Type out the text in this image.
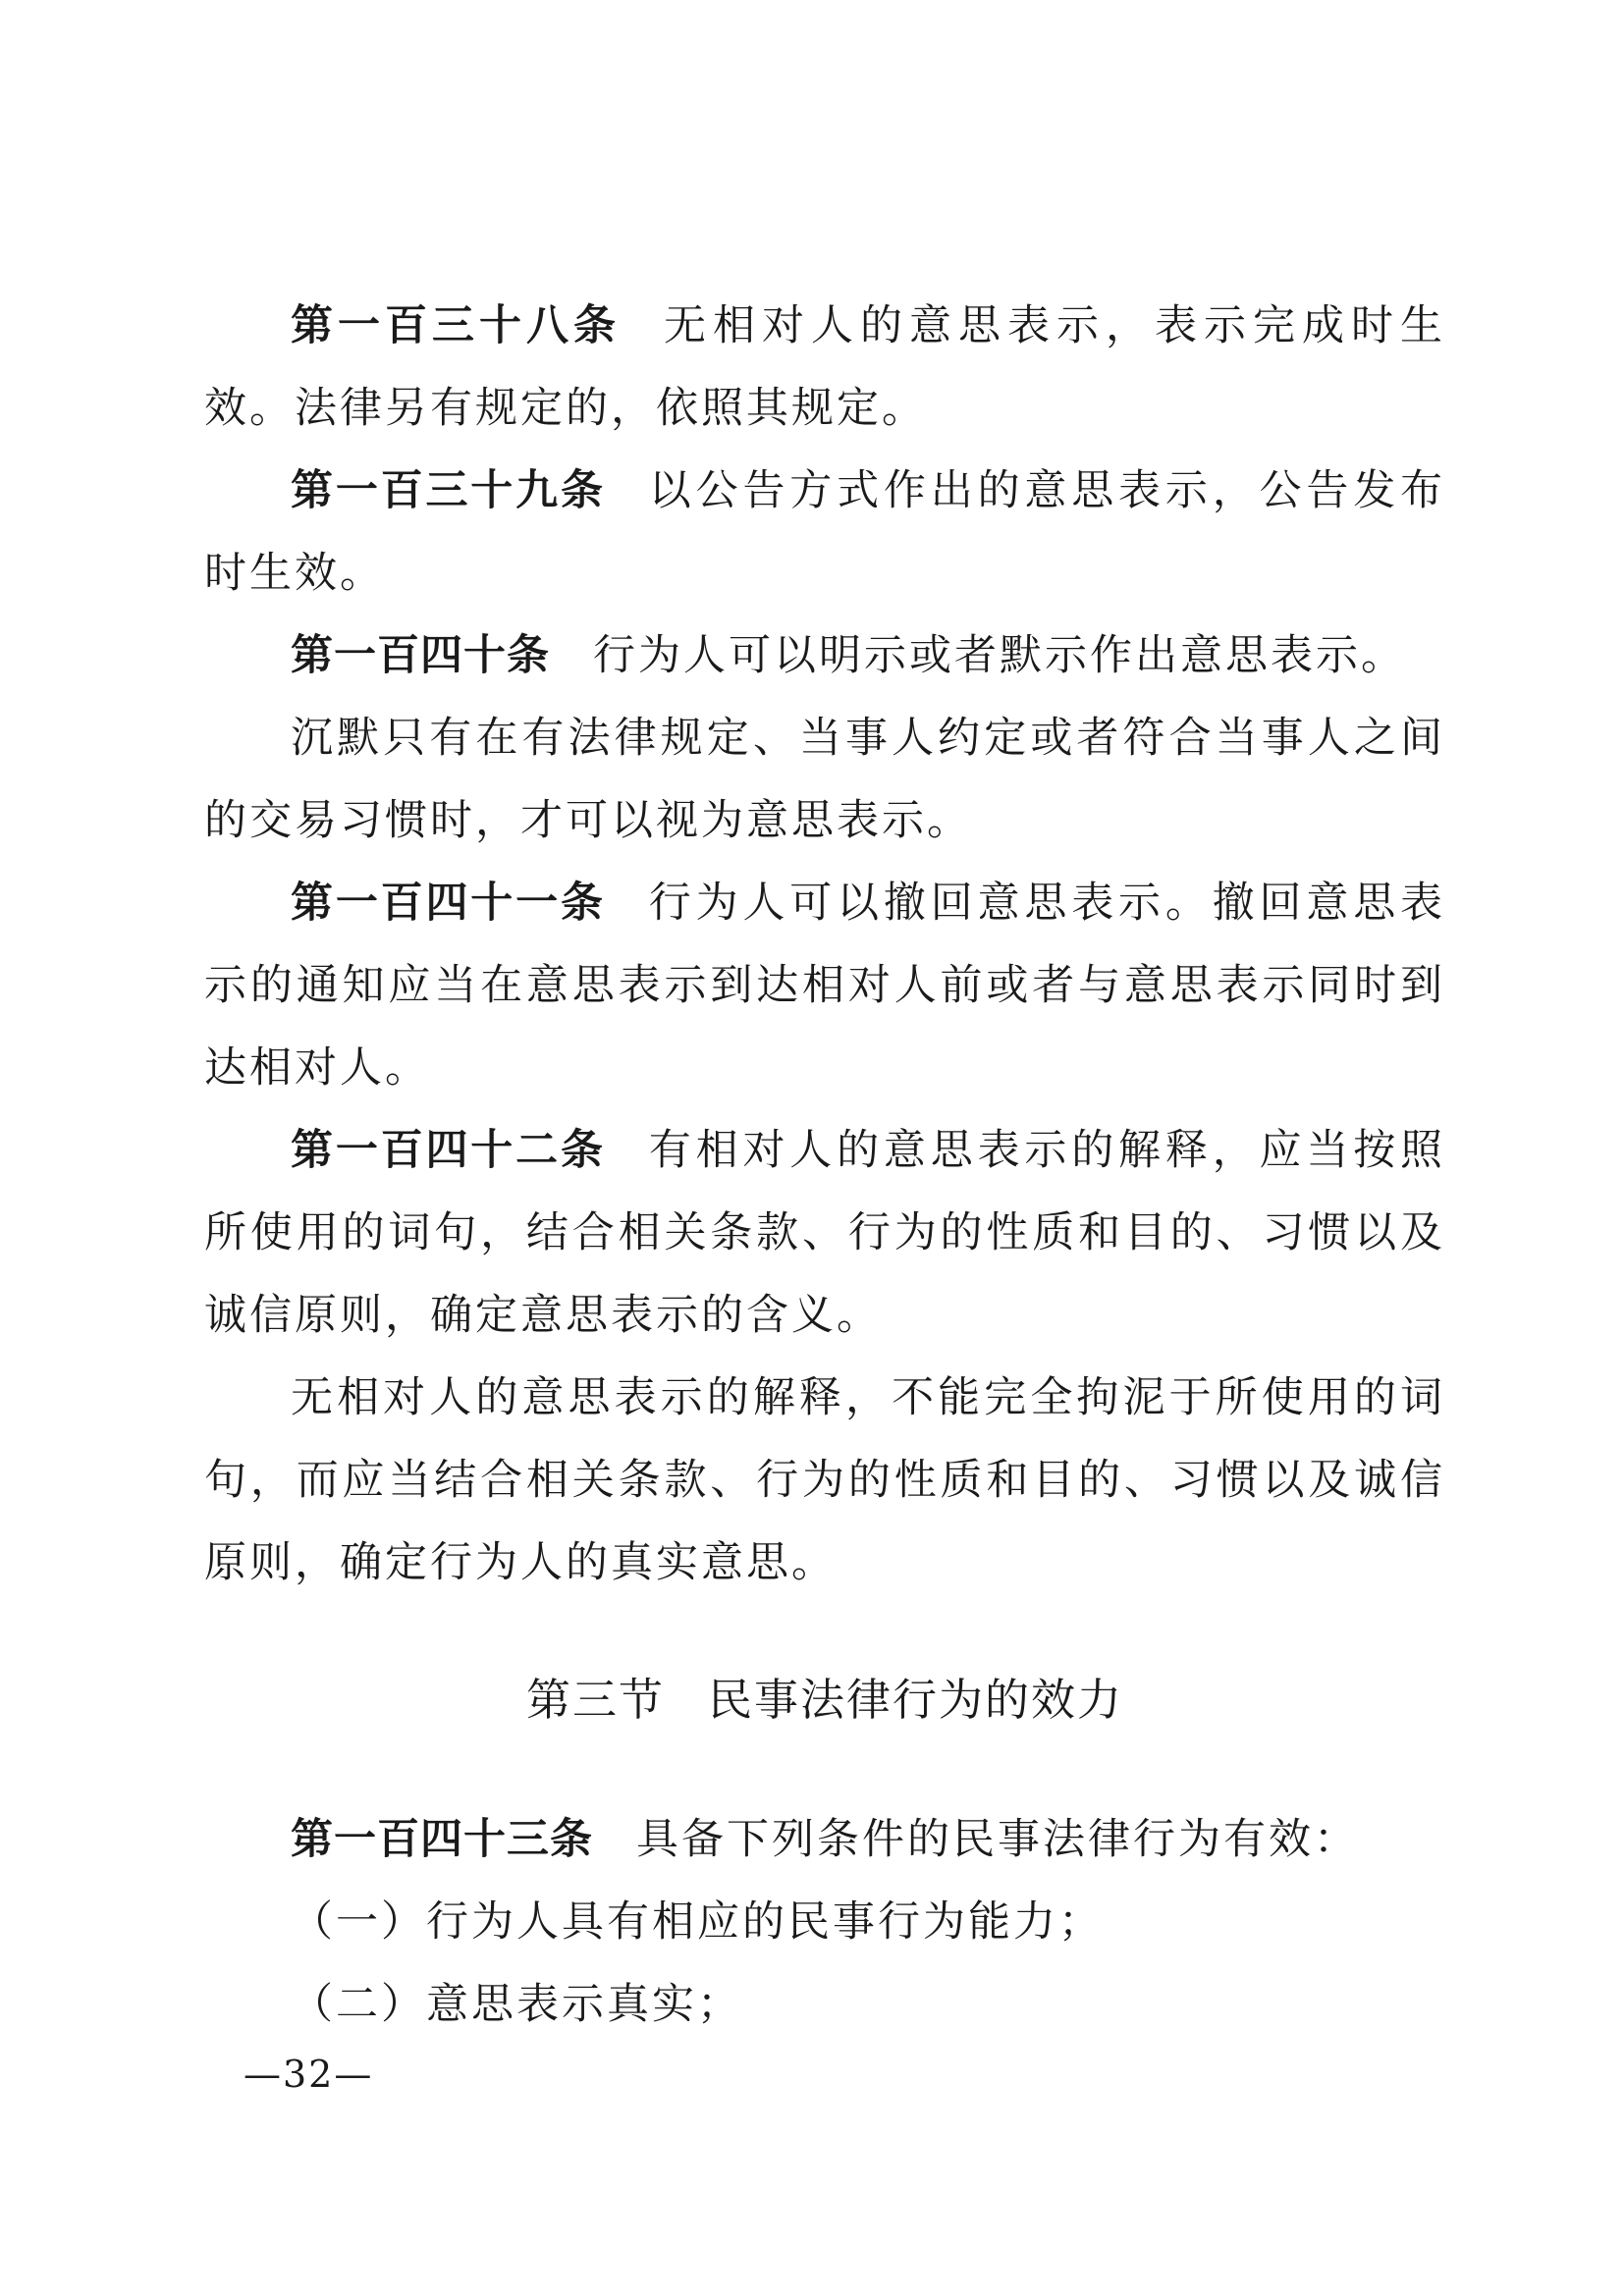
第一百三十八条 无相对人的意思表示，表示完成时生效。法律另有规定的，依照其规定。

第一百三十九条 以公告方式作出的意思表示，公告发布时生效。

第一百四十条 行为人可以明示或者默示作出意思表示。

沉默只有在有法律规定、当事人约定或者符合当事人之间的交易习惯时，才可以视为意思表示。

第一百四十一条 行为人可以撤回意思表示。撤回意思表示的通知应当在意思表示到达相对人前或者与意思表示同时到达相对人。

第一百四十二条 有相对人的意思表示的解释，应当按照所使用的词句，结合相关条款、行为的性质和目的、习惯以及诚信原则，确定意思表示的含义。

无相对人的意思表示的解释，不能完全拘泥于所使用的词句，而应当结合相关条款、行为的性质和目的、习惯以及诚信原则，确定行为人的真实意思。

第三节 民事法律行为的效力

第一百四十三条 具备下列条件的民事法律行为有效：

（一）行为人具有相应的民事行为能力；

（二）意思表示真实；

—32—
